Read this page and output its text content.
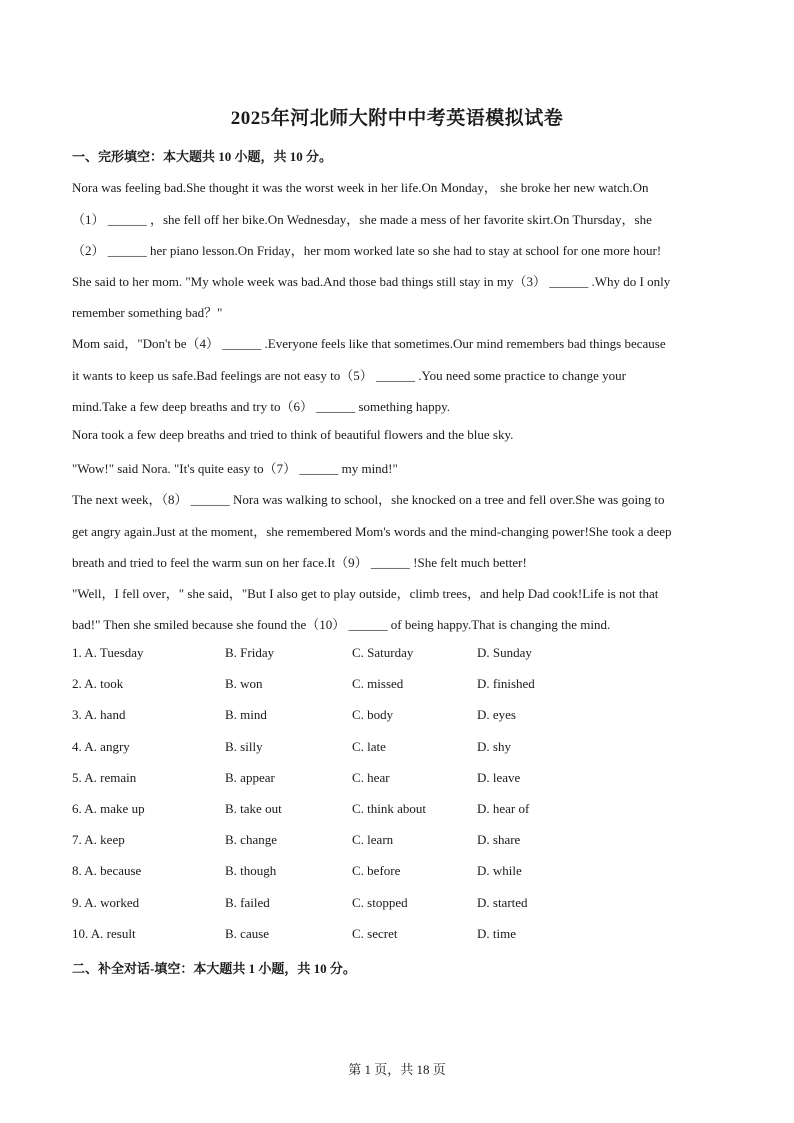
2025年河北师大附中中考英语模拟试卷
一、完形填空：本大题共 10 小题，共 10 分。
Nora was feeling bad.She thought it was the worst week in her life.On Monday， she broke her new watch.On
（1） ______ ，she fell off her bike.On Wednesday，she made a mess of her favorite skirt.On Thursday，she
（2） ______ her piano lesson.On Friday，her mom worked late so she had to stay at school for one more hour!
She said to her mom. "My whole week was bad.And those bad things still stay in my（3） ______ .Why do I only
remember something bad？"
Mom said，"Don't be（4） ______ .Everyone feels like that sometimes.Our mind remembers bad things because
it wants to keep us safe.Bad feelings are not easy to（5） ______ .You need some practice to change your
mind.Take a few deep breaths and try to（6） ______ something happy.
Nora took a few deep breaths and tried to think of beautiful flowers and the blue sky.
"Wow!" said Nora. "It's quite easy to（7） ______ my mind!"
The next week，（8） ______ Nora was walking to school，she knocked on a tree and fell over.She was going to
get angry again.Just at the moment，she remembered Mom's words and the mind-changing power!She took a deep
breath and tried to feel the warm sun on her face.It（9） ______ !She felt much better!
"Well，I fell over，" she said，"But I also get to play outside，climb trees，and help Dad cook!Life is not that
bad!" Then she smiled because she found the（10） ______ of being happy.That is changing the mind.
1. A. Tuesday	B. Friday	C. Saturday	D. Sunday
2. A. took	B. won	C. missed	D. finished
3. A. hand	B. mind	C. body	D. eyes
4. A. angry	B. silly	C. late	D. shy
5. A. remain	B. appear	C. hear	D. leave
6. A. make up	B. take out	C. think about	D. hear of
7. A. keep	B. change	C. learn	D. share
8. A. because	B. though	C. before	D. while
9. A. worked	B. failed	C. stopped	D. started
10. A. result	B. cause	C. secret	D. time
二、补全对话-填空：本大题共 1 小题，共 10 分。
第 1 页，共 18 页
